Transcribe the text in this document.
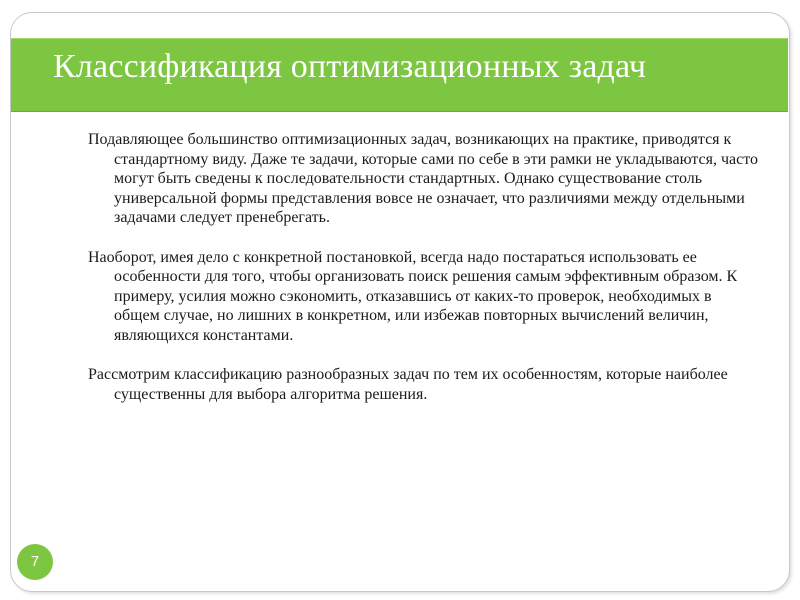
Классификация оптимизационных задач

Подавляющее большинство оптимизационных задач, возникающих на практике, приводятся к стандартному виду. Даже те задачи, которые сами по себе в эти рамки не укладываются, часто могут быть сведены к последовательности стандартных. Однако существование столь универсальной формы представления вовсе не означает, что различиями между отдельными задачами следует пренебрегать.

Наоборот, имея дело с конкретной постановкой, всегда надо постараться использовать ее особенности для того, чтобы организовать поиск решения самым эффективным образом. К примеру, усилия можно сэкономить, отказавшись от каких-то проверок, необходимых в общем случае, но лишних в конкретном, или избежав повторных вычислений величин, являющихся константами.

Рассмотрим классификацию разнообразных задач по тем их особенностям, которые наиболее существенны для выбора алгоритма решения.

7
